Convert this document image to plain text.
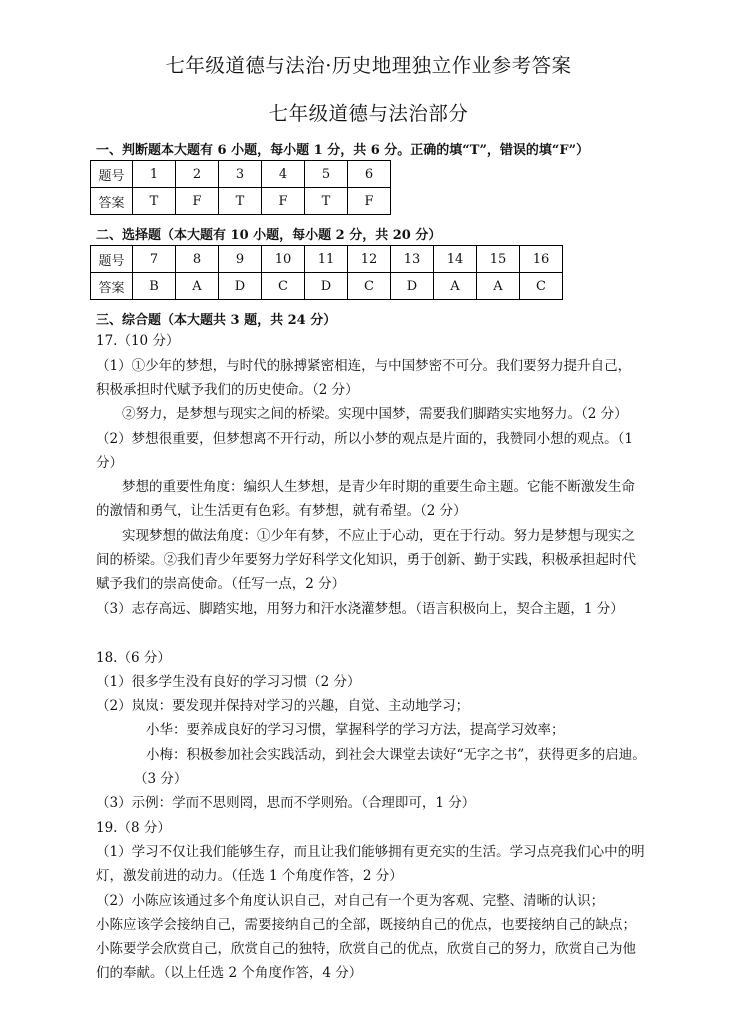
七年级道德与法治·历史地理独立作业参考答案
七年级道德与法治部分
一、判断题本大题有 6 小题，每小题 1 分，共 6 分。正确的填“T”，错误的填“F”）
题号	1	2	3	4	5	6
答案	T	F	T	F	T	F
二、选择题（本大题有 10 小题，每小题 2 分，共 20 分）
题号	7	8	9	10	11	12	13	14	15	16
答案	B	A	D	C	D	C	D	A	A	C
三、综合题（本大题共 3 题，共 24 分）
17.（10 分）
（1）①少年的梦想，与时代的脉搏紧密相连，与中国梦密不可分。我们要努力提升自己，
积极承担时代赋予我们的历史使命。（2 分）
②努力，是梦想与现实之间的桥梁。实现中国梦，需要我们脚踏实实地努力。（2 分）
（2）梦想很重要，但梦想离不开行动，所以小梦的观点是片面的，我赞同小想的观点。（1
分）
梦想的重要性角度：编织人生梦想，是青少年时期的重要生命主题。它能不断激发生命
的激情和勇气，让生活更有色彩。有梦想，就有希望。（2 分）
实现梦想的做法角度：①少年有梦，不应止于心动，更在于行动。努力是梦想与现实之
间的桥梁。②我们青少年要努力学好科学文化知识，勇于创新、勤于实践，积极承担起时代
赋予我们的崇高使命。（任写一点，2 分）
（3）志存高远、脚踏实地，用努力和汗水浇灌梦想。（语言积极向上，契合主题，1 分）
18.（6 分）
（1）很多学生没有良好的学习习惯（2 分）
（2）岚岚：要发现并保持对学习的兴趣，自觉、主动地学习；
小华：要养成良好的学习习惯，掌握科学的学习方法，提高学习效率；
小梅：积极参加社会实践活动，到社会大课堂去读好“无字之书”，获得更多的启迪。
（3 分）
（3）示例：学而不思则罔，思而不学则殆。（合理即可，1 分）
19.（8 分）
（1）学习不仅让我们能够生存，而且让我们能够拥有更充实的生活。学习点亮我们心中的明
灯，激发前进的动力。（任选 1 个角度作答，2 分）
（2）小陈应该通过多个角度认识自己，对自己有一个更为客观、完整、清晰的认识；
小陈应该学会接纳自己，需要接纳自己的全部，既接纳自己的优点，也要接纳自己的缺点；
小陈要学会欣赏自己，欣赏自己的独特，欣赏自己的优点，欣赏自己的努力，欣赏自己为他
们的奉献。（以上任选 2 个角度作答，4 分）
